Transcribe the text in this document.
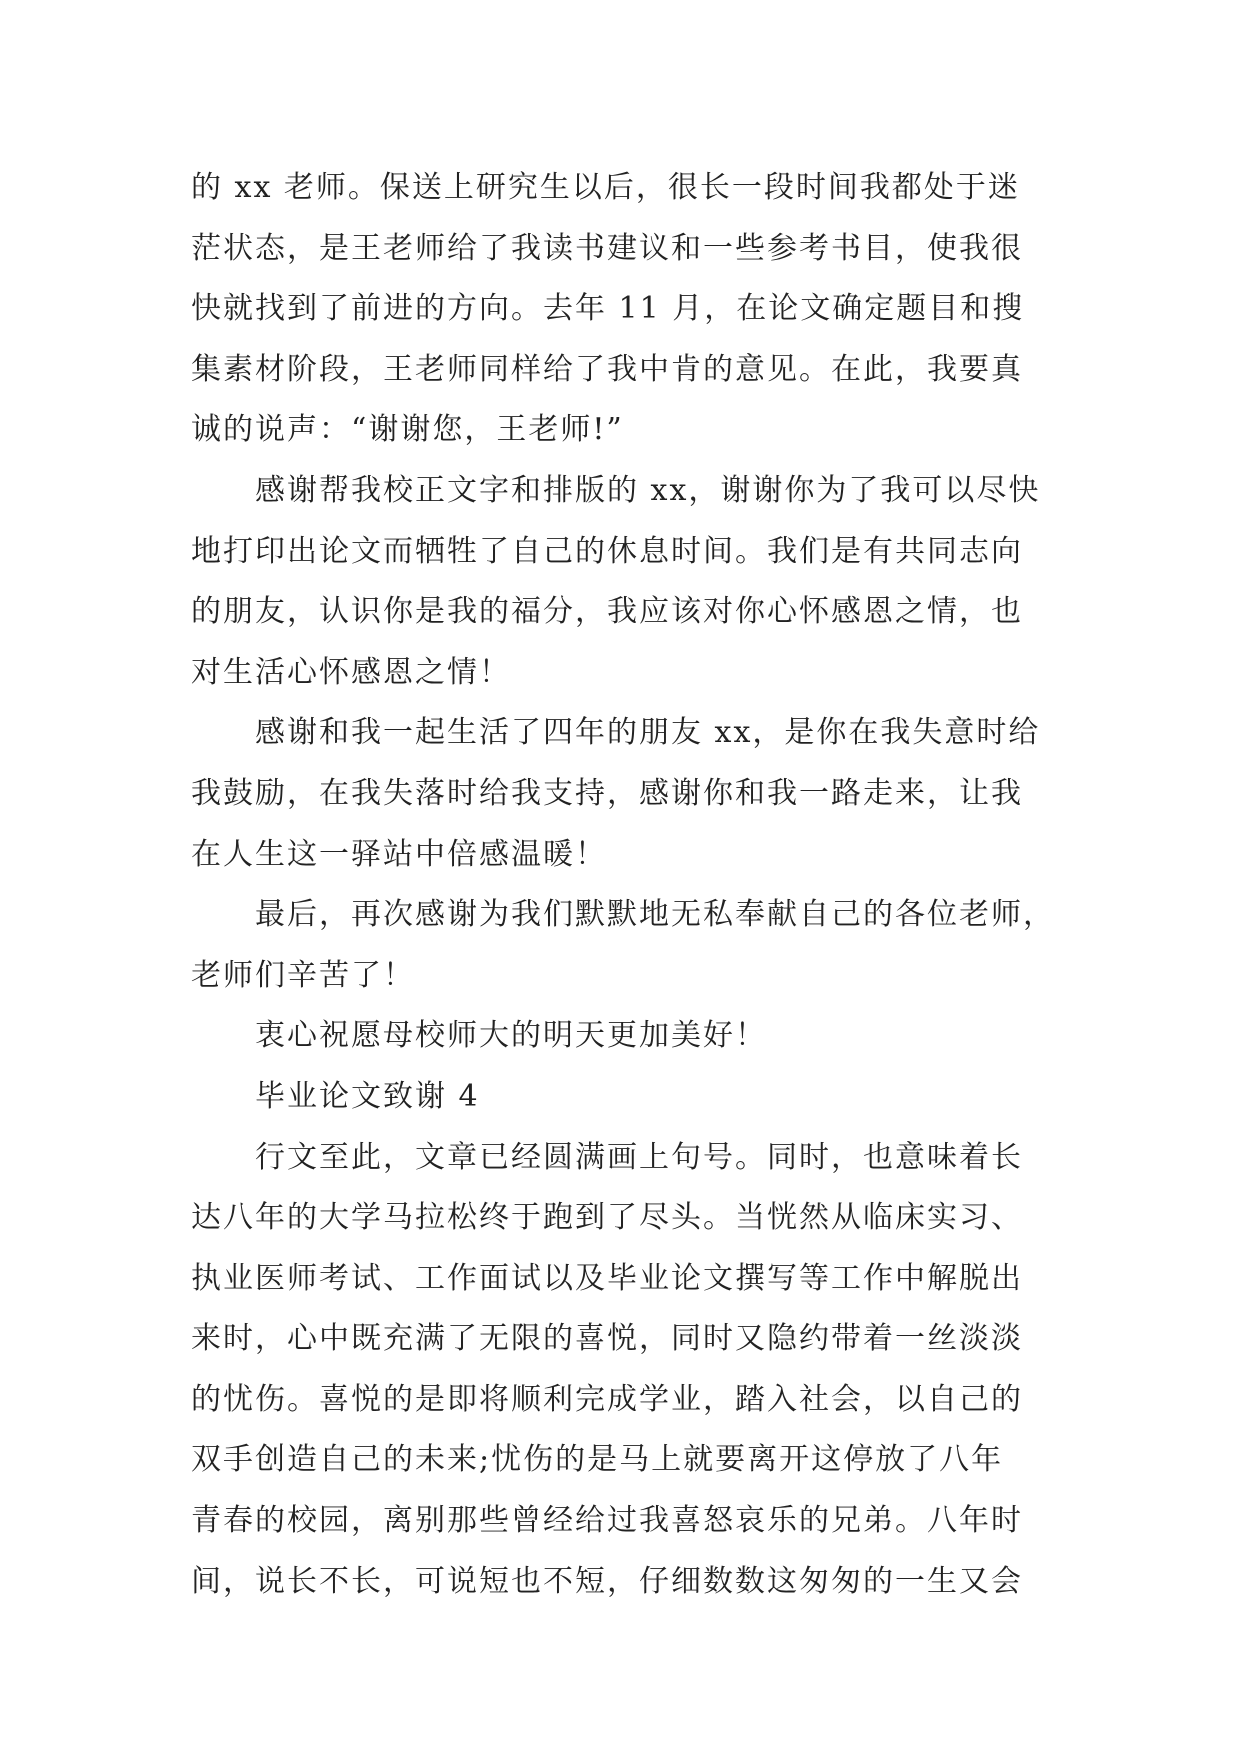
的 xx 老师。保送上研究生以后，很长一段时间我都处于迷
茫状态，是王老师给了我读书建议和一些参考书目，使我很
快就找到了前进的方向。去年 11 月，在论文确定题目和搜
集素材阶段，王老师同样给了我中肯的意见。在此，我要真
诚的说声：“谢谢您，王老师!”
感谢帮我校正文字和排版的 xx，谢谢你为了我可以尽快
地打印出论文而牺牲了自己的休息时间。我们是有共同志向
的朋友，认识你是我的福分，我应该对你心怀感恩之情，也
对生活心怀感恩之情！
感谢和我一起生活了四年的朋友 xx，是你在我失意时给
我鼓励，在我失落时给我支持，感谢你和我一路走来，让我
在人生这一驿站中倍感温暖！
最后，再次感谢为我们默默地无私奉献自己的各位老师，
老师们辛苦了！
衷心祝愿母校师大的明天更加美好！
毕业论文致谢 4
行文至此，文章已经圆满画上句号。同时，也意味着长
达八年的大学马拉松终于跑到了尽头。当恍然从临床实习、
执业医师考试、工作面试以及毕业论文撰写等工作中解脱出
来时，心中既充满了无限的喜悦，同时又隐约带着一丝淡淡
的忧伤。喜悦的是即将顺利完成学业，踏入社会，以自己的
双手创造自己的未来;忧伤的是马上就要离开这停放了八年
青春的校园，离别那些曾经给过我喜怒哀乐的兄弟。八年时
间，说长不长，可说短也不短，仔细数数这匆匆的一生又会
